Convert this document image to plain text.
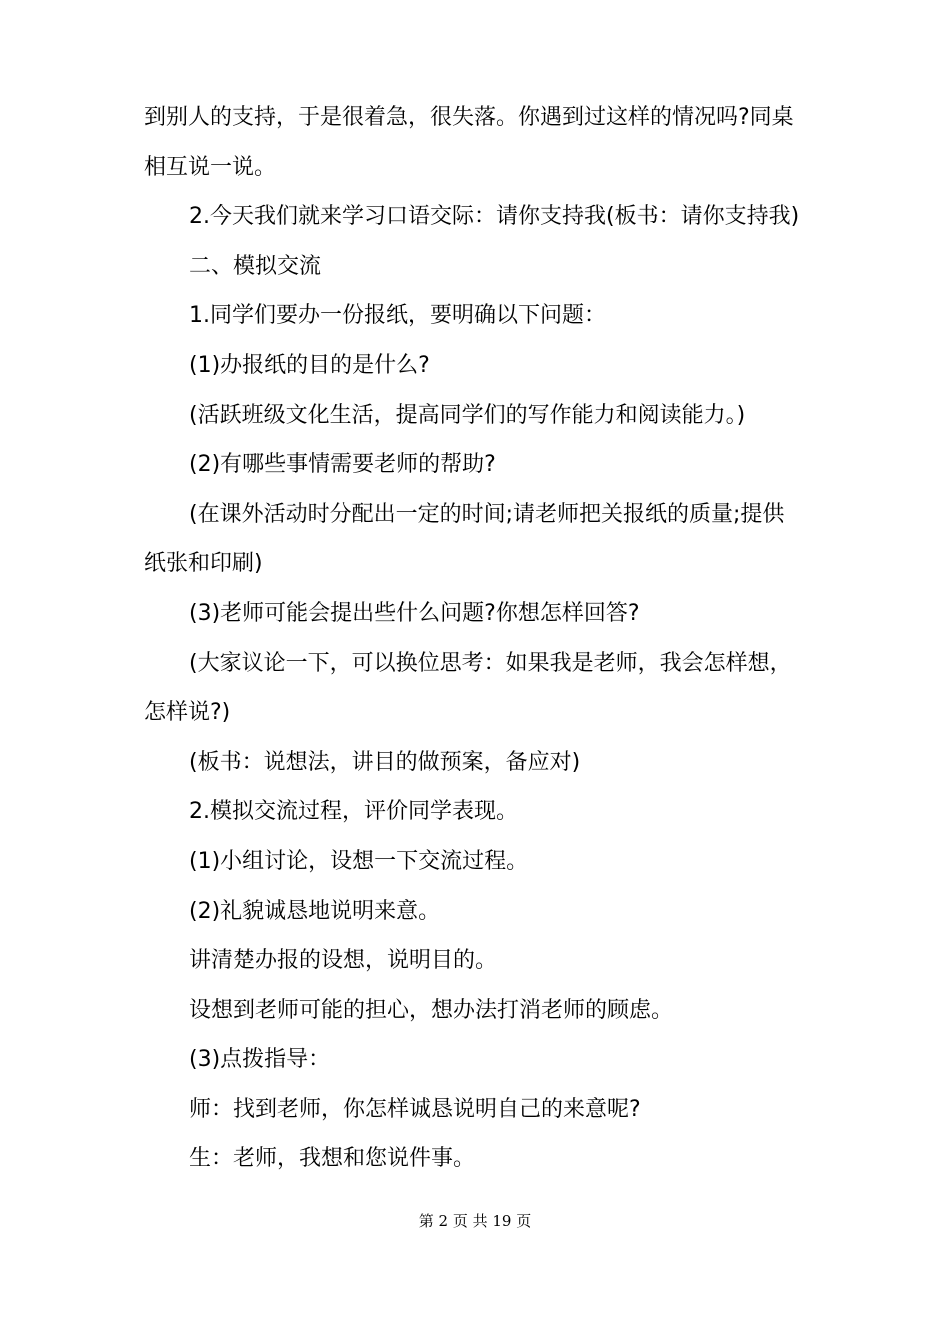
到别人的支持，于是很着急，很失落。你遇到过这样的情况吗?同桌
相互说一说。
2.今天我们就来学习口语交际：请你支持我(板书：请你支持我)
二、模拟交流
1.同学们要办一份报纸，要明确以下问题：
(1)办报纸的目的是什么?
(活跃班级文化生活，提高同学们的写作能力和阅读能力。)
(2)有哪些事情需要老师的帮助?
(在课外活动时分配出一定的时间;请老师把关报纸的质量;提供
纸张和印刷)
(3)老师可能会提出些什么问题?你想怎样回答?
(大家议论一下，可以换位思考：如果我是老师，我会怎样想，
怎样说?)
(板书：说想法，讲目的做预案，备应对)
2.模拟交流过程，评价同学表现。
(1)小组讨论，设想一下交流过程。
(2)礼貌诚恳地说明来意。
讲清楚办报的设想，说明目的。
设想到老师可能的担心，想办法打消老师的顾虑。
(3)点拨指导：
师：找到老师，你怎样诚恳说明自己的来意呢?
生：老师，我想和您说件事。
第 2 页 共 19 页
